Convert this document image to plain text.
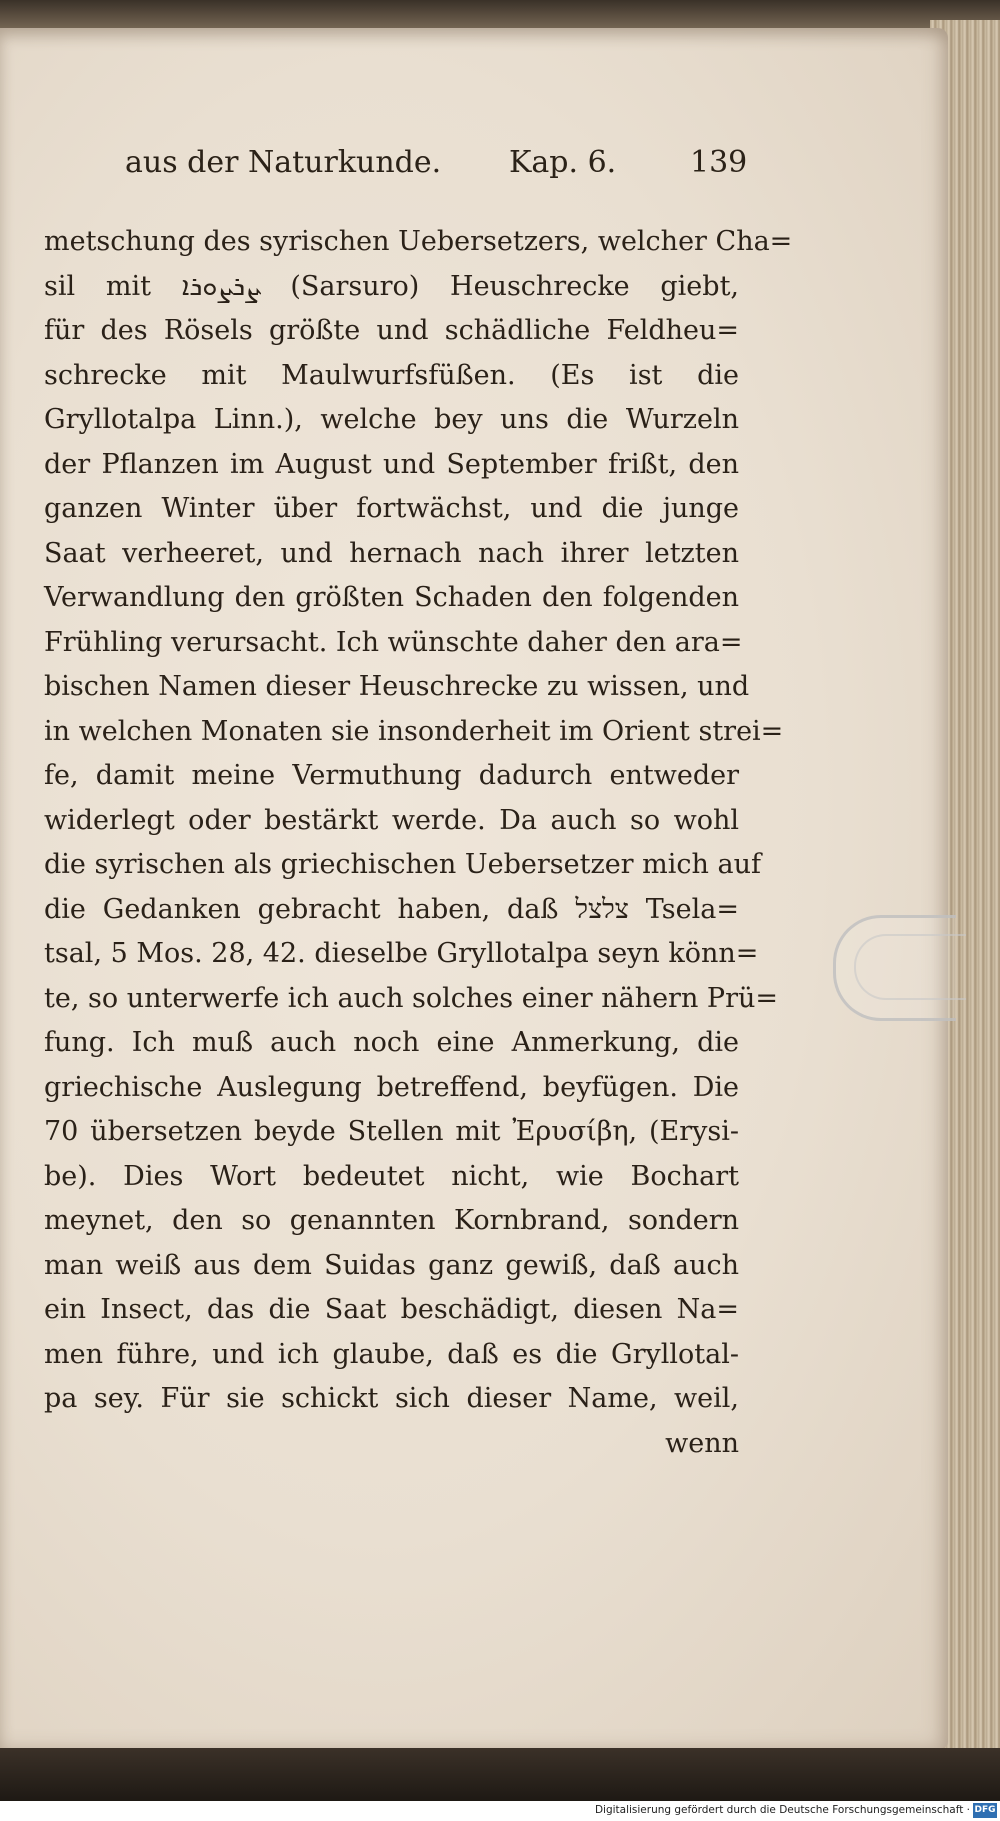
aus der Naturkunde. Kap. 6. 139
metschung des syrischen Uebersetzers, welcher Cha=
sil mit ܨܪܨܘܪܐ (Sarsuro) Heuschrecke giebt,
für des Rösels größte und schädliche Feldheu=
schrecke mit Maulwurfsfüßen. (Es ist die
Gryllotalpa Linn.), welche bey uns die Wurzeln
der Pflanzen im August und September frißt, den
ganzen Winter über fortwächst, und die junge
Saat verheeret, und hernach nach ihrer letzten
Verwandlung den größten Schaden den folgenden
Frühling verursacht. Ich wünschte daher den ara=
bischen Namen dieser Heuschrecke zu wissen, und
in welchen Monaten sie insonderheit im Orient strei=
fe, damit meine Vermuthung dadurch entweder
widerlegt oder bestärkt werde. Da auch so wohl
die syrischen als griechischen Uebersetzer mich auf
die Gedanken gebracht haben, daß צלצל Tsela=
tsal, 5 Mos. 28, 42. dieselbe Gryllotalpa seyn könn=
te, so unterwerfe ich auch solches einer nähern Prü=
fung. Ich muß auch noch eine Anmerkung, die
griechische Auslegung betreffend, beyfügen. Die
70 übersetzen beyde Stellen mit Ἐρυσίβη, (Erysi-
be). Dies Wort bedeutet nicht, wie Bochart
meynet, den so genannten Kornbrand, sondern
man weiß aus dem Suidas ganz gewiß, daß auch
ein Insect, das die Saat beschädigt, diesen Na=
men führe, und ich glaube, daß es die Gryllotal-
pa sey. Für sie schickt sich dieser Name, weil,
wenn
Digitalisierung gefördert durch die Deutsche Forschungsgemeinschaft · DFG
